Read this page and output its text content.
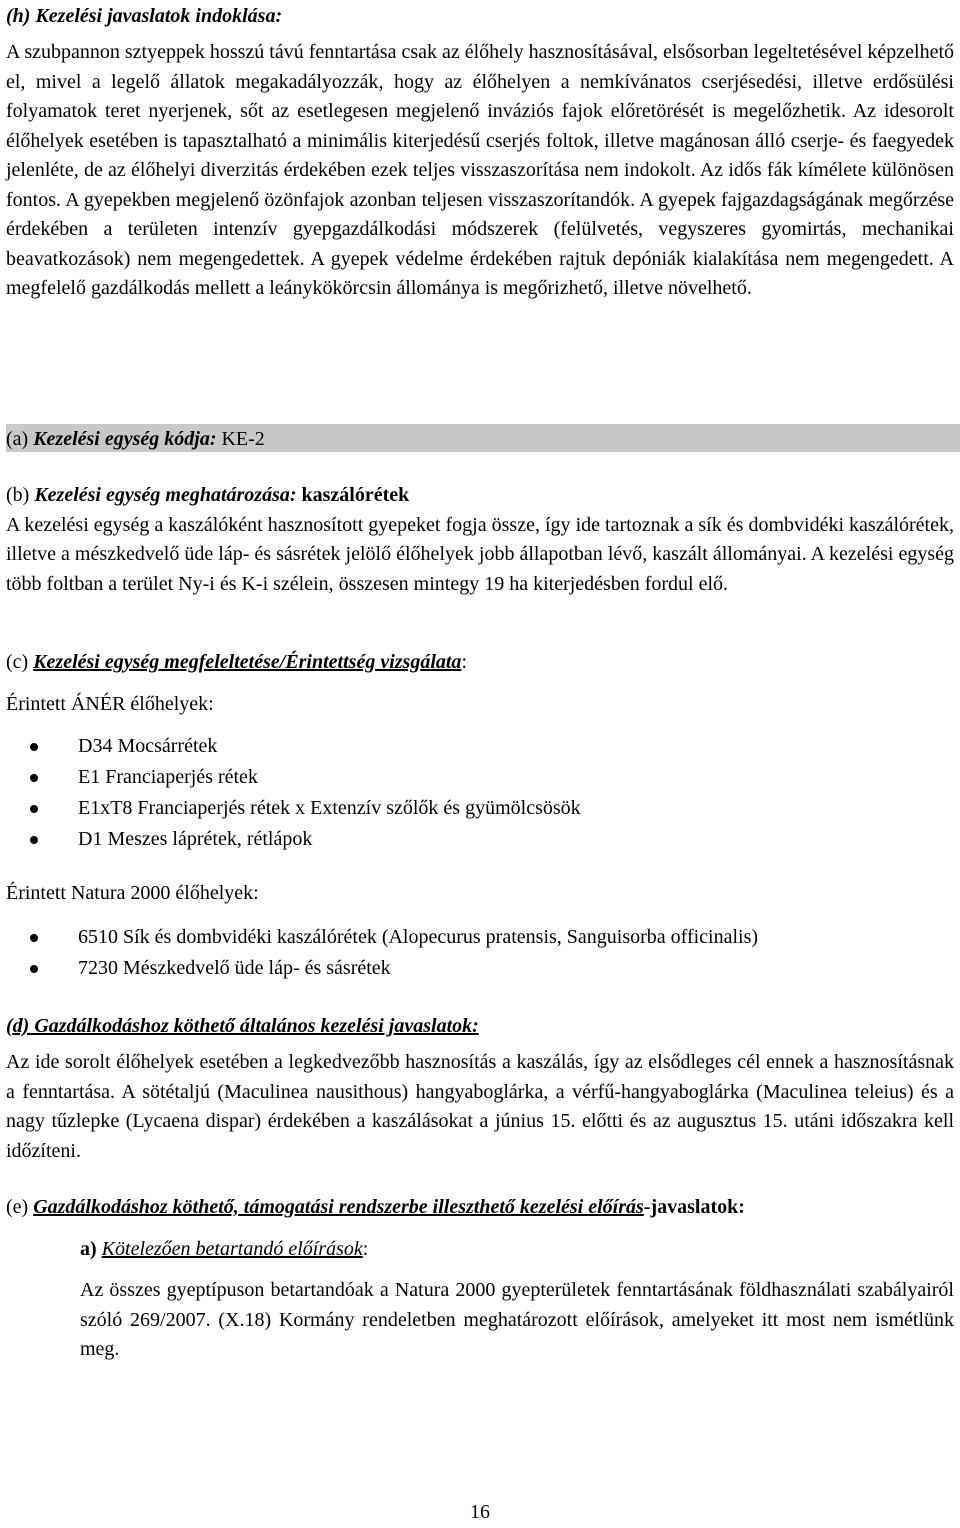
(h) Kezelési javaslatok indoklása:

A szubpannon sztyeppek hosszú távú fenntartása csak az élőhely hasznosításával, elsősorban legeltetésével képzelhető el, mivel a legelő állatok megakadályozzák, hogy az élőhelyen a nemkívánatos cserjésedési, illetve erdősülési folyamatok teret nyerjenek, sőt az esetlegesen megjelenő inváziós fajok előretörését is megelőzhetik. Az idesorolt élőhelyek esetében is tapasztalható a minimális kiterjedésű cserjés foltok, illetve magánosan álló cserje- és faegyedek jelenléte, de az élőhelyi diverzitás érdekében ezek teljes visszaszorítása nem indokolt. Az idős fák kímélete különösen fontos. A gyepekben megjelenő özönfajok azonban teljesen visszaszorítandók. A gyepek fajgazdagságának megőrzése érdekében a területen intenzív gyepgazdálkodási módszerek (felülvetés, vegyszeres gyomirtás, mechanikai beavatkozások) nem megengedettek. A gyepek védelme érdekében rajtuk depóniák kialakítása nem megengedett. A megfelelő gazdálkodás mellett a leánykökörcsin állománya is megőrizhető, illetve növelhető.

(a) Kezelési egység kódja: KE-2

(b) Kezelési egység meghatározása: kaszálórétek

A kezelési egység a kaszálóként hasznosított gyepeket fogja össze, így ide tartoznak a sík és dombvidéki kaszálórétek, illetve a mészkedvelő üde láp- és sásrétek jelölő élőhelyek jobb állapotban lévő, kaszált állományai. A kezelési egység több foltban a terület Ny-i és K-i szélein, összesen mintegy 19 ha kiterjedésben fordul elő.

(c) Kezelési egység megfeleltetése/Érintettség vizsgálata:

Érintett ÁNÉR élőhelyek:

D34 Mocsárrétek
E1 Franciaperjés rétek
E1xT8 Franciaperjés rétek x Extenzív szőlők és gyümölcsösök
D1 Meszes láprétek, rétlápok

Érintett Natura 2000 élőhelyek:

6510 Sík és dombvidéki kaszálórétek (Alopecurus pratensis, Sanguisorba officinalis)
7230 Mészkedvelő üde láp- és sásrétek

(d) Gazdálkodáshoz köthető általános kezelési javaslatok:

Az ide sorolt élőhelyek esetében a legkedvezőbb hasznosítás a kaszálás, így az elsődleges cél ennek a hasznosításnak a fenntartása. A sötétaljú (Maculinea nausithous) hangyaboglárka, a vérfű-hangyaboglárka (Maculinea teleius) és a nagy tűzlepke (Lycaena dispar) érdekében a kaszálásokat a június 15. előtti és az augusztus 15. utáni időszakra kell időzíteni.

(e) Gazdálkodáshoz köthető, támogatási rendszerbe illeszthető kezelési előírás-javaslatok:

a) Kötelezően betartandó előírások:

Az összes gyeptípuson betartandóak a Natura 2000 gyepterületek fenntartásának földhasználati szabályairól szóló 269/2007. (X.18) Kormány rendeletben meghatározott előírások, amelyeket itt most nem ismétlünk meg.

16
